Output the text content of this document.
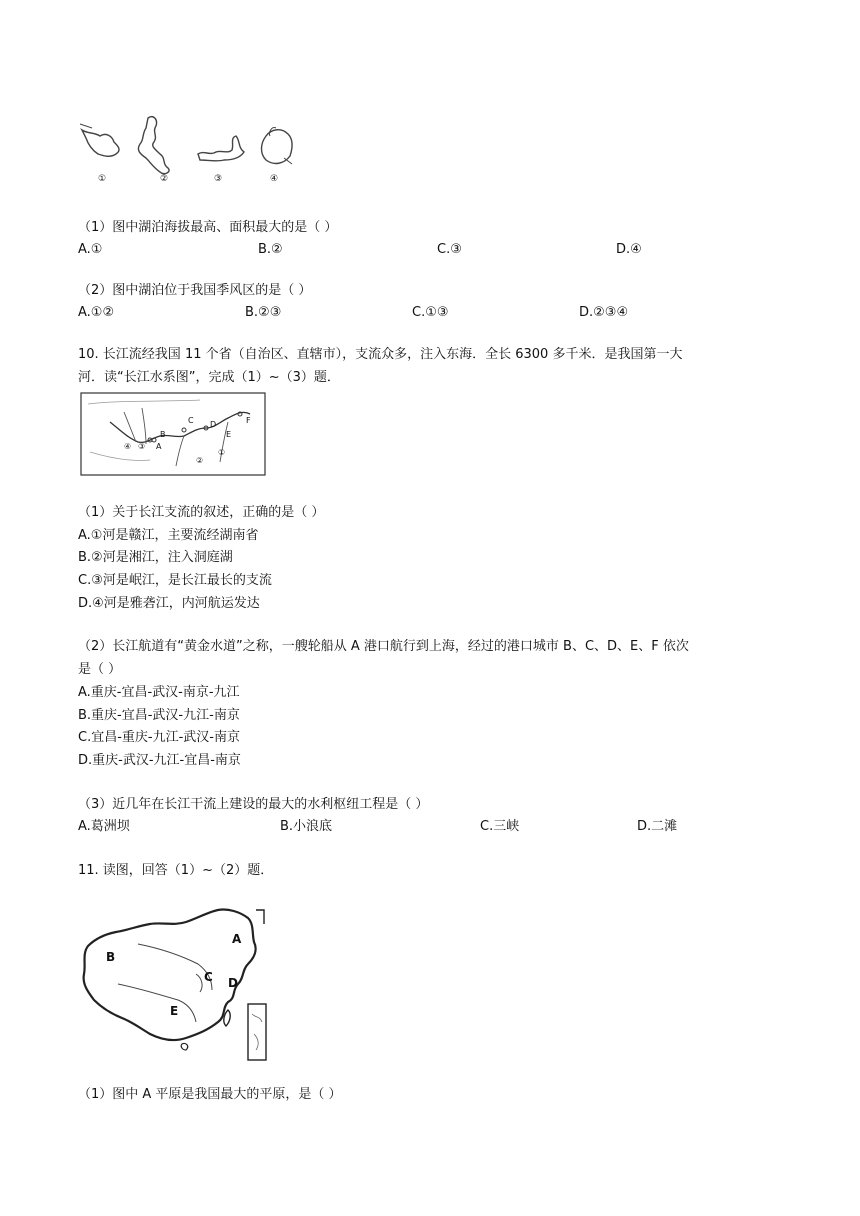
①	②	③	④
（1）图中湖泊海拔最高、面积最大的是（ ）
A.①	B.②	C.③	D.④
（2）图中湖泊位于我国季风区的是（ ）
A.①②	B.②③	C.①③	D.②③④
10. 长江流经我国 11 个省（自治区、直辖市），支流众多，注入东海．全长 6300 多千米．是我国第一大
河．读“长江水系图”，完成（1）~（3）题．
A
B
C D
E
F
①
②
③
④
（1）关于长江支流的叙述，正确的是（ ）
A.①河是赣江，主要流经湖南省
B.②河是湘江，注入洞庭湖
C.③河是岷江，是长江最长的支流
D.④河是雅砻江，内河航运发达
（2）长江航道有“黄金水道”之称，一艘轮船从 A 港口航行到上海，经过的港口城市 B、C、D、E、F 依次
是（ ）
A.重庆-宜昌-武汉-南京-九江
B.重庆-宜昌-武汉-九江-南京
C.宜昌-重庆-九江-武汉-南京
D.重庆-武汉-九江-宜昌-南京
（3）近几年在长江干流上建设的最大的水利枢纽工程是（ ）
A.葛洲坝	B.小浪底	C.三峡	D.二滩
11. 读图，回答（1）~（2）题．
A
B
C D
E
（1）图中 A 平原是我国最大的平原，是（ ）
